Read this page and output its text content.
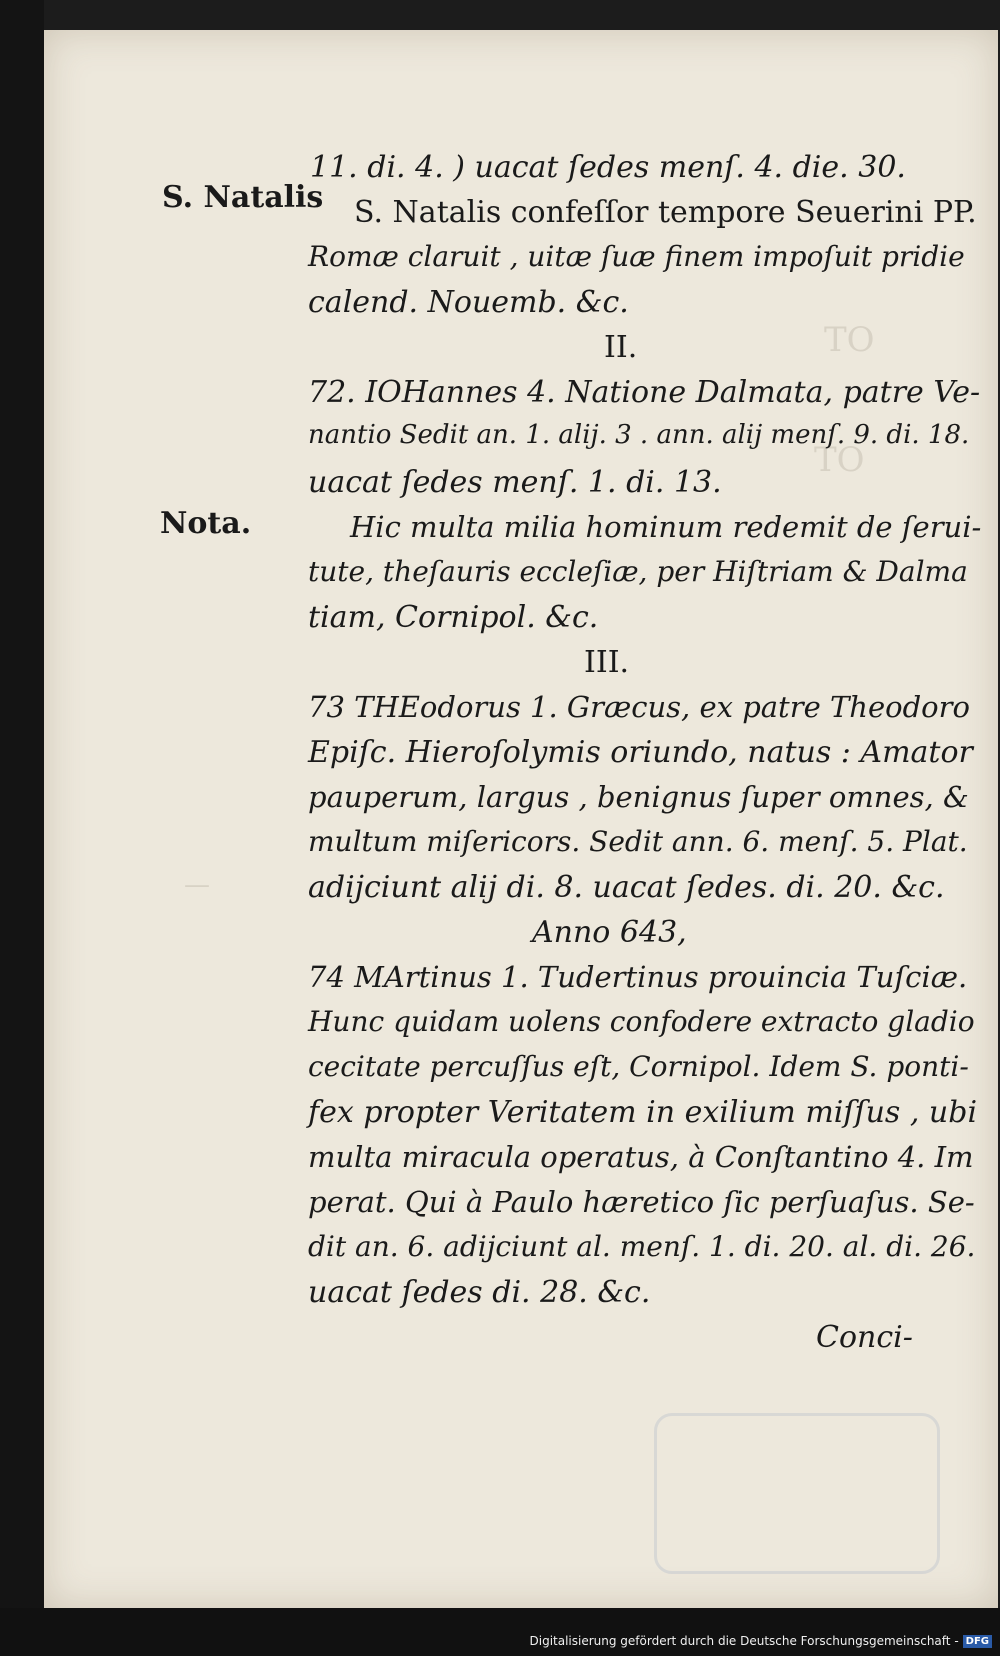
TO
TO
—
S. Natalis
Nota.
11. di. 4. ) uacat ſedes menſ. 4. die. 30.
S. Natalis confeſſor tempore Seuerini PP.
Romæ claruit , uitæ ſuæ finem impoſuit pridie
calend. Nouemb. &c.
II.
72. IOHannes 4. Natione Dalmata, patre Ve-
nantio Sedit an. 1. alij. 3 . ann. alij menſ. 9. di. 18.
uacat ſedes menſ. 1. di. 13.
Hic multa milia hominum redemit de ſerui-
tute, theſauris eccleſiæ, per Hiſtriam & Dalma
tiam, Cornipol. &c.
III.
73 THEodorus 1. Græcus, ex patre Theodoro
Epiſc. Hieroſolymis oriundo, natus : Amator
pauperum, largus , benignus ſuper omnes, &
multum miſericors. Sedit ann. 6. menſ. 5. Plat.
adijciunt alij di. 8. uacat ſedes. di. 20. &c.
Anno 643,
74 MArtinus 1. Tudertinus prouincia Tuſciæ.
Hunc quidam uolens confodere extracto gladio
cecitate percuſſus eſt, Cornipol. Idem S. ponti-
fex propter Veritatem in exilium miſſus , ubi
multa miracula operatus, à Conſtantino 4. Im
perat. Qui à Paulo hæretico ſic perſuaſus. Se-
dit an. 6. adijciunt al. menſ. 1. di. 20. al. di. 26.
uacat ſedes di. 28. &c.
Conci-
Digitalisierung gefördert durch die Deutsche Forschungsgemeinschaft - DFG
